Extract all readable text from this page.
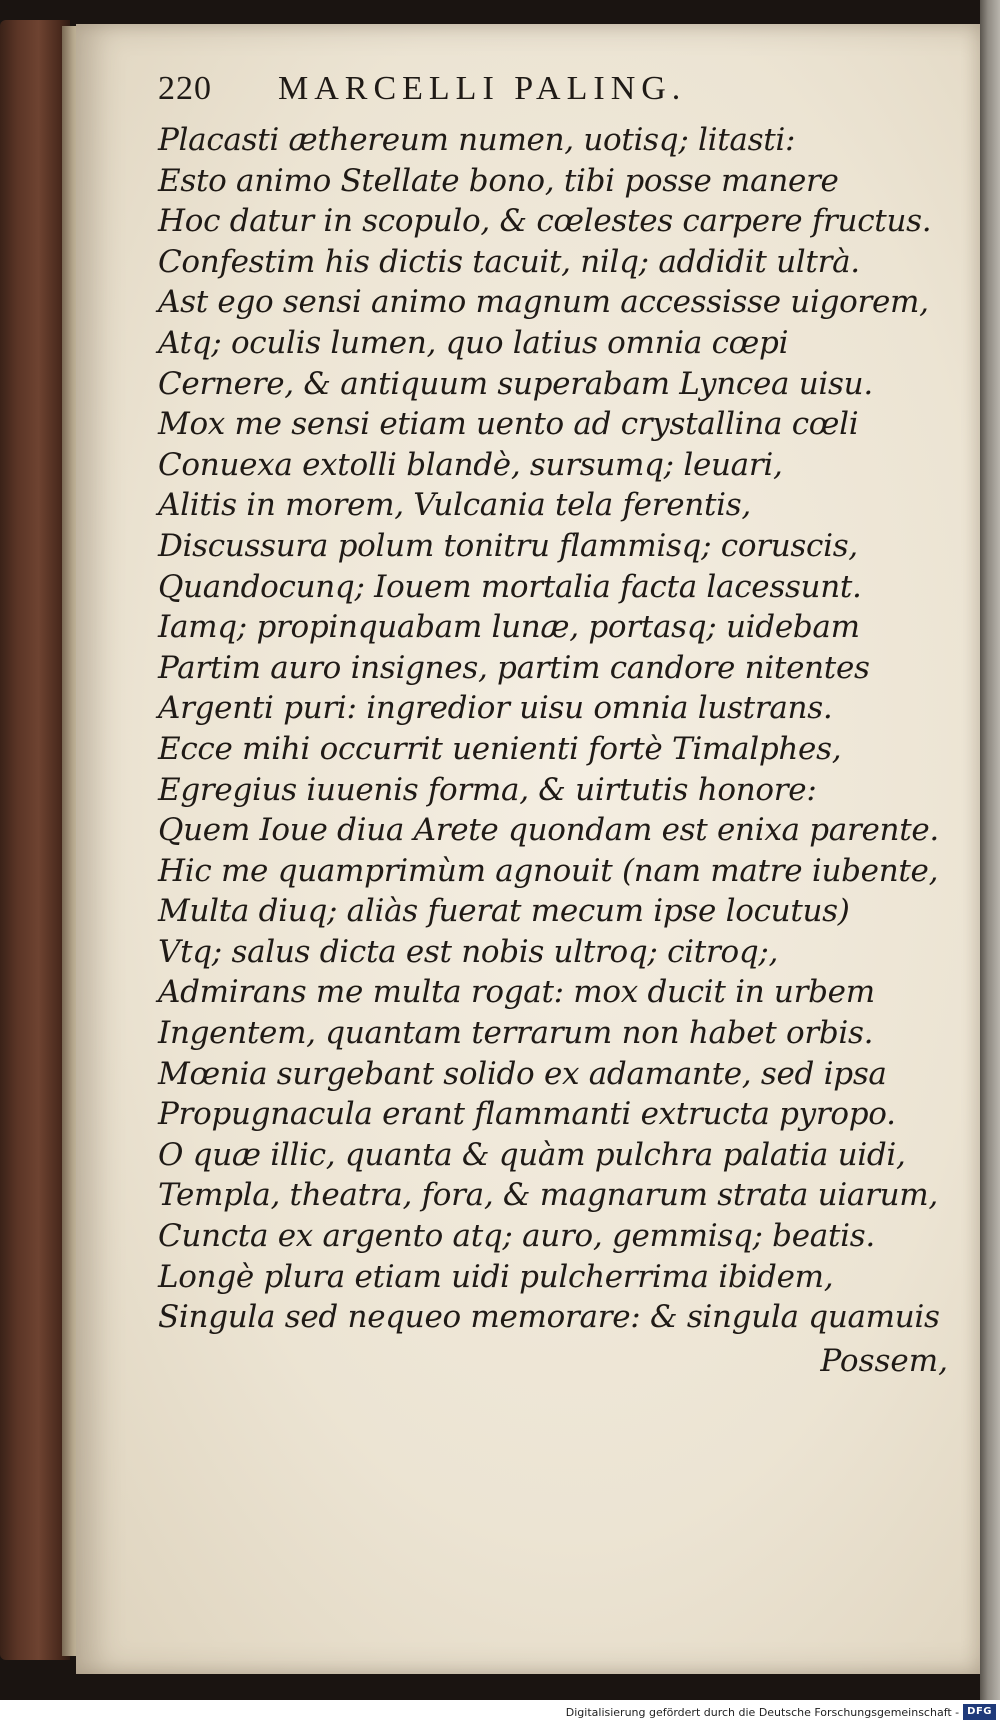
220	MARCELLI PALING.
Placasti æthereum numen, uotisq; litasti:
Esto animo Stellate bono, tibi posse manere
Hoc datur in scopulo, & cœlestes carpere fructus.
Confestim his dictis tacuit, nilq; addidit ultrà.
Ast ego sensi animo magnum accessisse uigorem,
Atq; oculis lumen, quo latius omnia cœpi
Cernere, & antiquum superabam Lyncea uisu.
Mox me sensi etiam uento ad crystallina cœli
Conuexa extolli blandè, sursumq; leuari,
Alitis in morem, Vulcania tela ferentis,
Discussura polum tonitru flammisq; coruscis,
Quandocunq; Iouem mortalia facta lacessunt.
Iamq; propinquabam lunæ, portasq; uidebam
Partim auro insignes, partim candore nitentes
Argenti puri: ingredior uisu omnia lustrans.
Ecce mihi occurrit uenienti fortè Timalphes,
Egregius iuuenis forma, & uirtutis honore:
Quem Ioue diua Arete quondam est enixa parente.
Hic me quamprimùm agnouit (nam matre iubente,
Multa diuq; aliàs fuerat mecum ipse locutus)
Vtq; salus dicta est nobis ultroq; citroq;,
Admirans me multa rogat: mox ducit in urbem
Ingentem, quantam terrarum non habet orbis.
Mœnia surgebant solido ex adamante, sed ipsa
Propugnacula erant flammanti extructa pyropo.
O quæ illic, quanta & quàm pulchra palatia uidi,
Templa, theatra, fora, & magnarum strata uiarum,
Cuncta ex argento atq; auro, gemmisq; beatis.
Longè plura etiam uidi pulcherrima ibidem,
Singula sed nequeo memorare: & singula quamuis
Possem,
Digitalisierung gefördert durch die Deutsche Forschungsgemeinschaft - DFG
